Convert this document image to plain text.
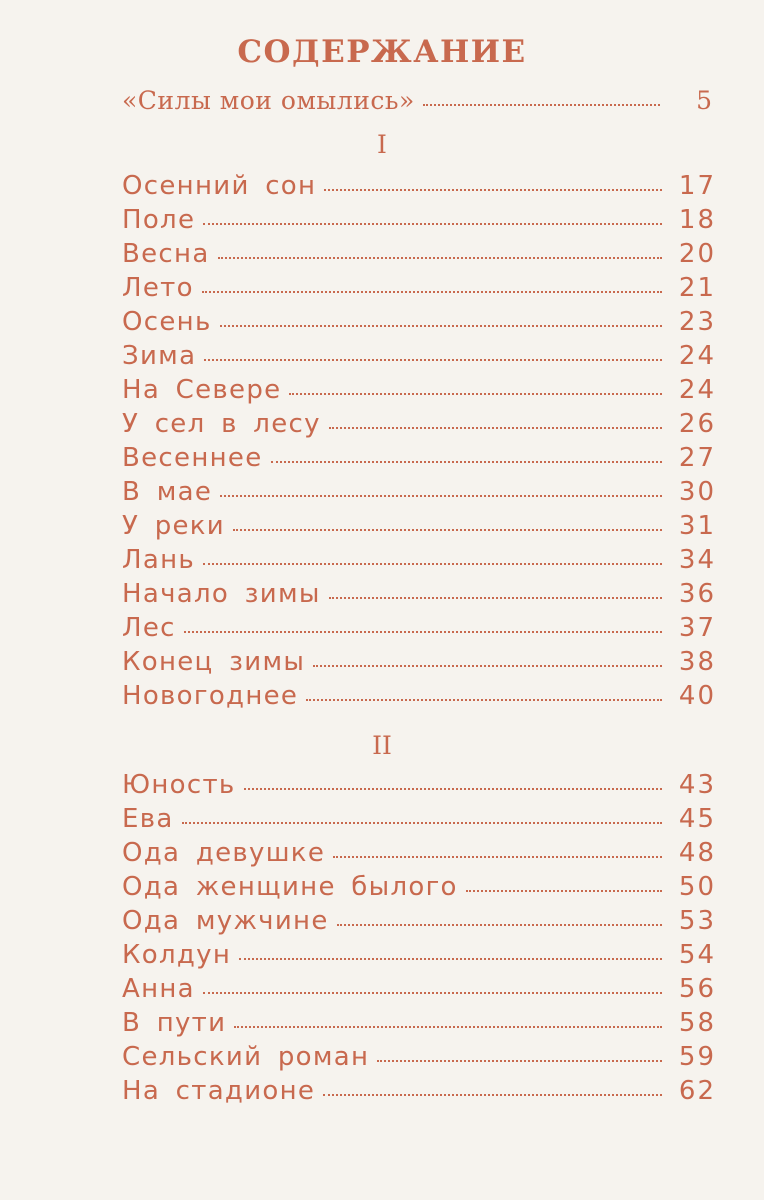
СОДЕРЖАНИЕ
«Силы мои омылись»	5
I
Осенний сон	17
Поле	18
Весна	20
Лето	21
Осень	23
Зима	24
На Севере	24
У сел в лесу	26
Весеннее	27
В мае	30
У реки	31
Лань	34
Начало зимы	36
Лес	37
Конец зимы	38
Новогоднее	40
II
Юность	43
Ева	45
Ода девушке	48
Ода женщине былого	50
Ода мужчине	53
Колдун	54
Анна	56
В пути	58
Сельский роман	59
На стадионе	62
